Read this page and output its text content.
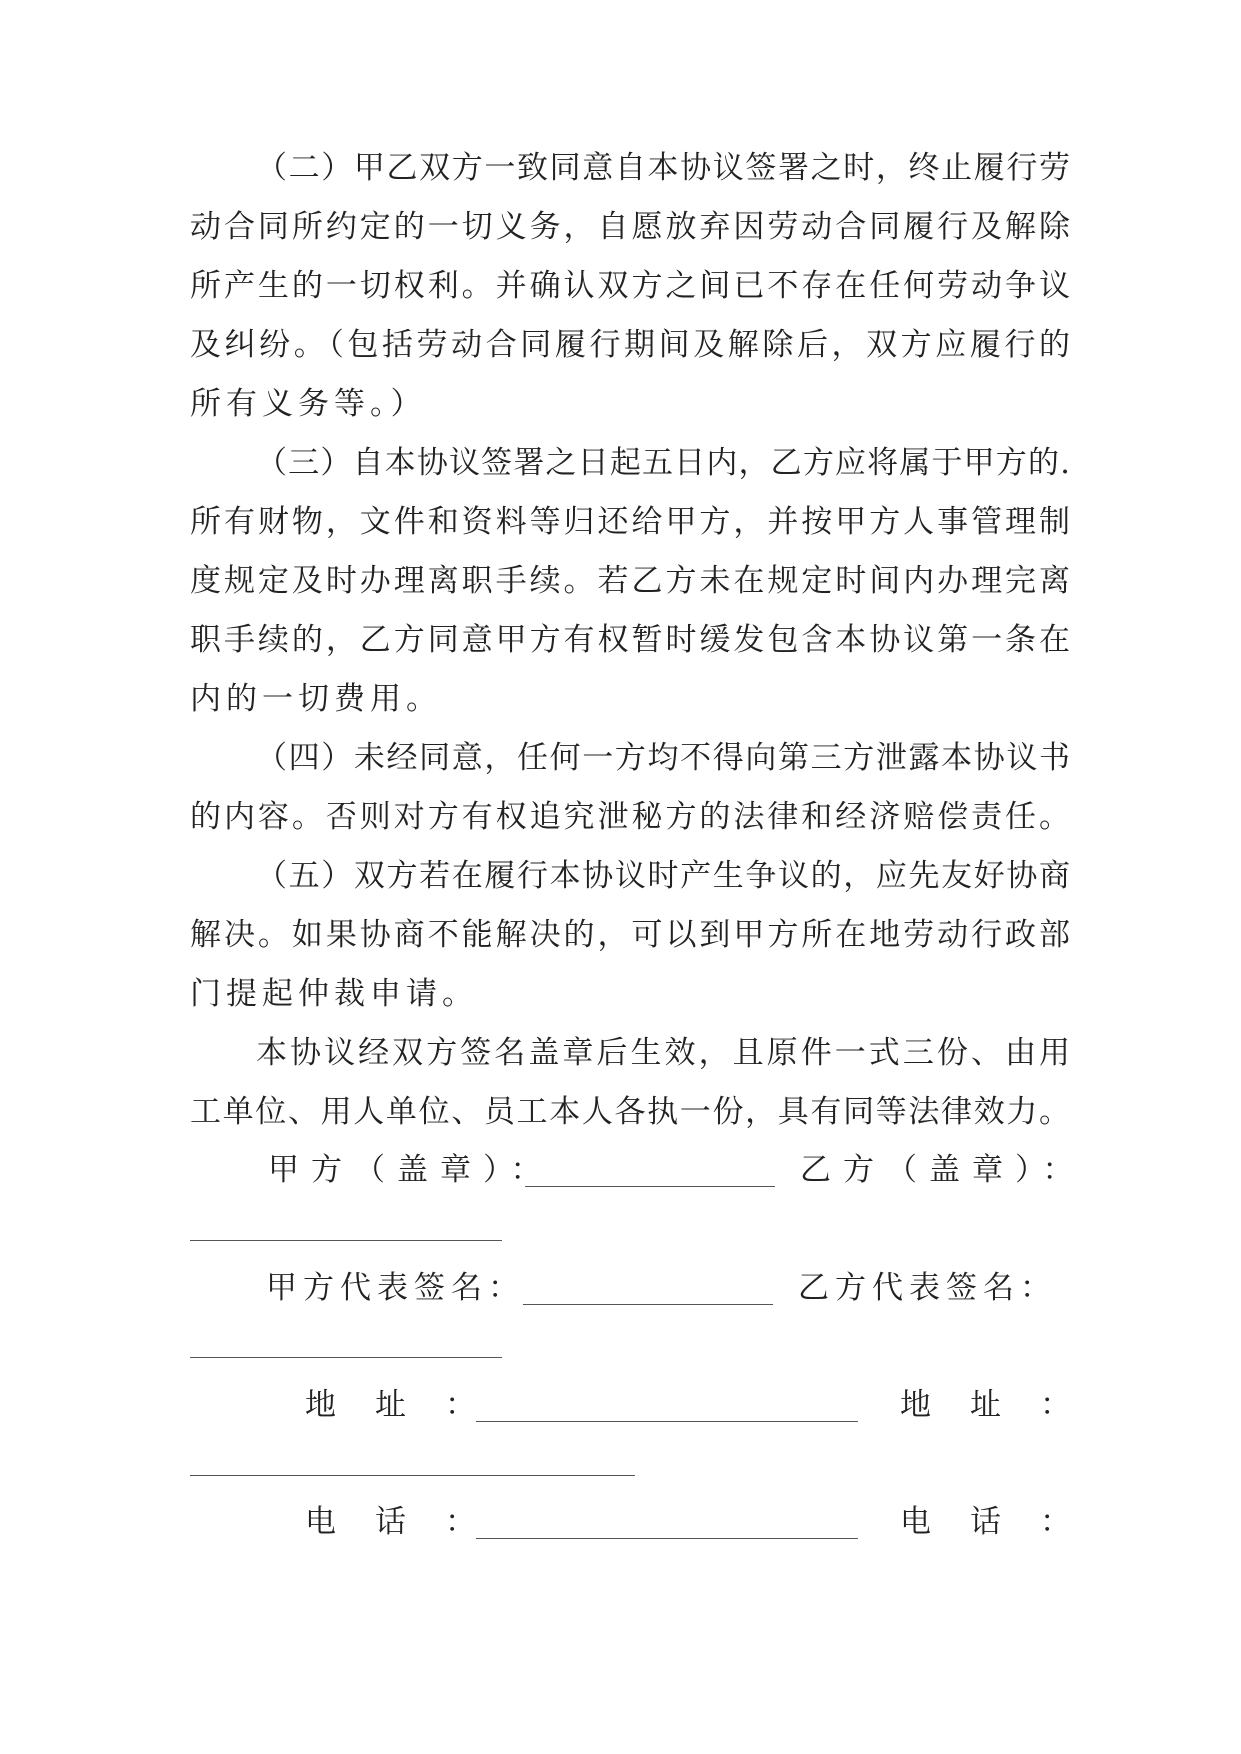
（二）甲乙双方一致同意自本协议签署之时，终止履行劳
动合同所约定的一切义务，自愿放弃因劳动合同履行及解除
所产生的一切权利。并确认双方之间已不存在任何劳动争议
及纠纷。（包括劳动合同履行期间及解除后，双方应履行的
所有义务等。）
（三）自本协议签署之日起五日内，乙方应将属于甲方的.
所有财物，文件和资料等归还给甲方，并按甲方人事管理制
度规定及时办理离职手续。若乙方未在规定时间内办理完离
职手续的，乙方同意甲方有权暂时缓发包含本协议第一条在
内的一切费用。
（四）未经同意，任何一方均不得向第三方泄露本协议书
的内容。否则对方有权追究泄秘方的法律和经济赔偿责任。
（五）双方若在履行本协议时产生争议的，应先友好协商
解决。如果协商不能解决的，可以到甲方所在地劳动行政部
门提起仲裁申请。
本协议经双方签名盖章后生效，且原件一式三份、由用
工单位、用人单位、员工本人各执一份，具有同等法律效力。
甲方（盖章）：	乙方（盖章）：
甲方代表签名：	乙方代表签名：
地　址　：	地　址　：
电　话　：	电　话　：
